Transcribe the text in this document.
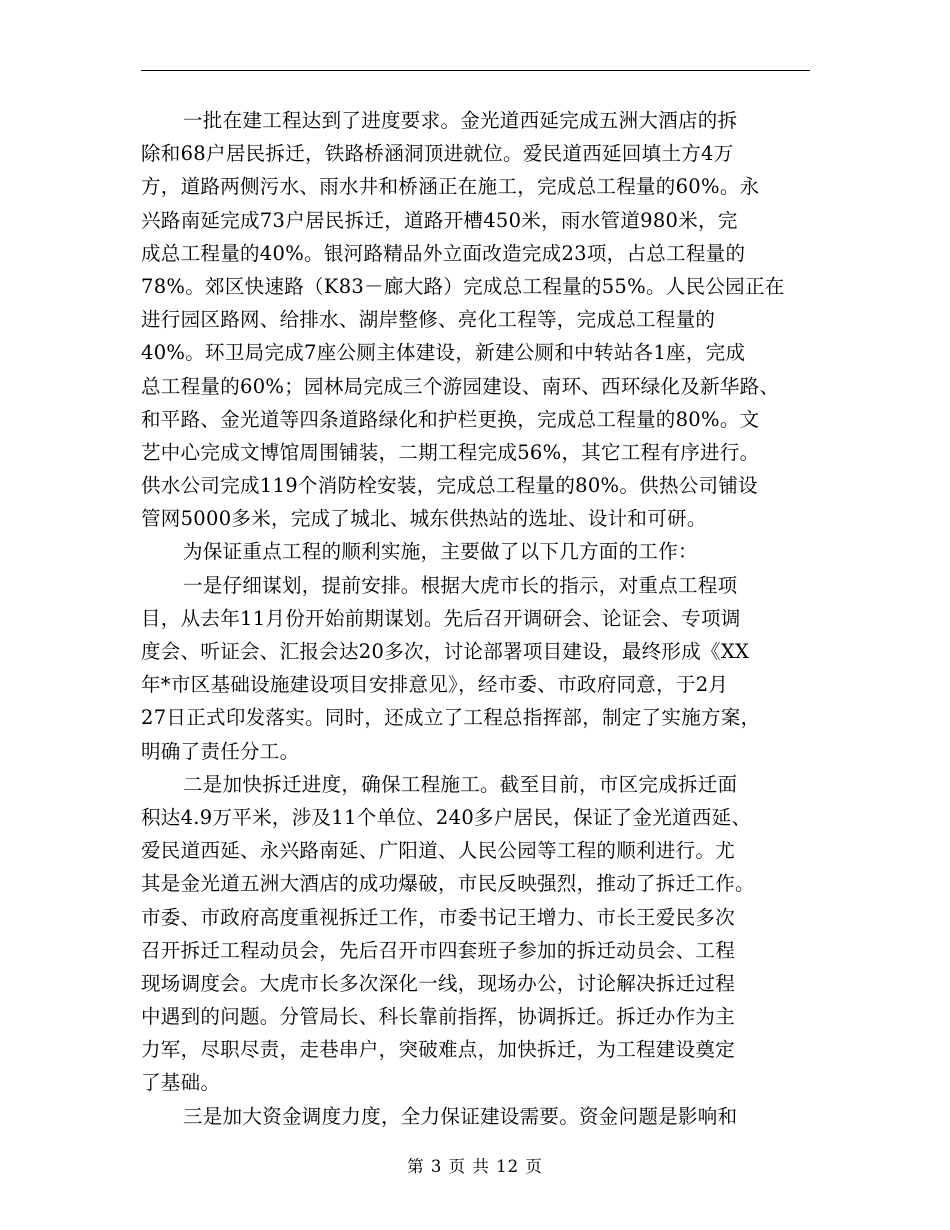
一批在建工程达到了进度要求。金光道西延完成五洲大酒店的拆
除和68户居民拆迁，铁路桥涵洞顶进就位。爱民道西延回填土方4万
方，道路两侧污水、雨水井和桥涵正在施工，完成总工程量的60%。永
兴路南延完成73户居民拆迁，道路开槽450米，雨水管道980米，完
成总工程量的40%。银河路精品外立面改造完成23项，占总工程量的
78%。郊区快速路（K83－廊大路）完成总工程量的55%。人民公园正在
进行园区路网、给排水、湖岸整修、亮化工程等，完成总工程量的
40%。环卫局完成7座公厕主体建设，新建公厕和中转站各1座，完成
总工程量的60%；园林局完成三个游园建设、南环、西环绿化及新华路、
和平路、金光道等四条道路绿化和护栏更换，完成总工程量的80%。文
艺中心完成文博馆周围铺装，二期工程完成56%，其它工程有序进行。
供水公司完成119个消防栓安装，完成总工程量的80%。供热公司铺设
管网5000多米，完成了城北、城东供热站的选址、设计和可研。
为保证重点工程的顺利实施，主要做了以下几方面的工作：
一是仔细谋划，提前安排。根据大虎市长的指示，对重点工程项
目，从去年11月份开始前期谋划。先后召开调研会、论证会、专项调
度会、听证会、汇报会达20多次，讨论部署项目建设，最终形成《XX
年*市区基础设施建设项目安排意见》，经市委、市政府同意，于2月
27日正式印发落实。同时，还成立了工程总指挥部，制定了实施方案，
明确了责任分工。
二是加快拆迁进度，确保工程施工。截至目前，市区完成拆迁面
积达4.9万平米，涉及11个单位、240多户居民，保证了金光道西延、
爱民道西延、永兴路南延、广阳道、人民公园等工程的顺利进行。尤
其是金光道五洲大酒店的成功爆破，市民反映强烈，推动了拆迁工作。
市委、市政府高度重视拆迁工作，市委书记王增力、市长王爱民多次
召开拆迁工程动员会，先后召开市四套班子参加的拆迁动员会、工程
现场调度会。大虎市长多次深化一线，现场办公，讨论解决拆迁过程
中遇到的问题。分管局长、科长靠前指挥，协调拆迁。拆迁办作为主
力军，尽职尽责，走巷串户，突破难点，加快拆迁，为工程建设奠定
了基础。
三是加大资金调度力度，全力保证建设需要。资金问题是影响和
第 3 页 共 12 页
